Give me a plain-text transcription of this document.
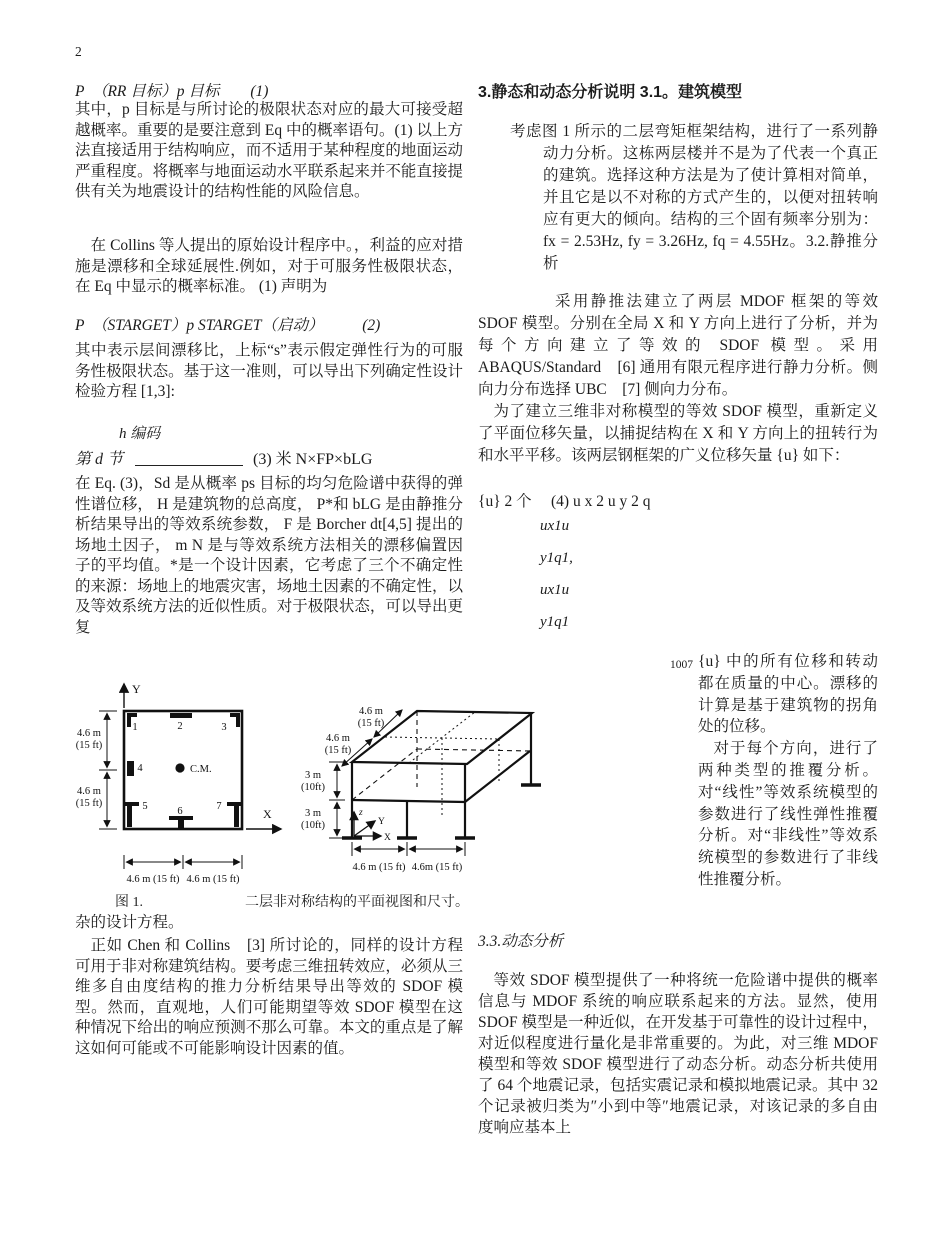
2
P　（RR 目标）p 目标　　(1)
其中，p 目标是与所讨论的极限状态对应的最大可接受超越概率。重要的是要注意到 Eq 中的概率语句。(1) 以上方法直接适用于结构响应，而不适用于某种程度的地面运动严重程度。将概率与地面运动水平联系起来并不能直接提供有关为地震设计的结构性能的风险信息。
在 Collins 等人提出的原始设计程序中。，利益的应对措施是漂移和全球延展性.例如，对于可服务性极限状态，在 Eq 中显示的概率标准。 (1) 声明为
P　（STARGET）p STARGET（启动）　　　(2)
其中表示层间漂移比，上标“s”表示假定弹性行为的可服务性极限状态。基于这一准则，可以导出下列确定性设计检验方程 [1,3]:
h 编码
第 d 节	(3) 米 N×FP×bLG
在 Eq. (3)，Sd 是从概率 ps 目标的均匀危险谱中获得的弹性谱位移， H 是建筑物的总高度， P*和 bLG 是由静推分析结果导出的等效系统参数， F 是 Borcher dt[4,5] 提出的场地土因子， m N 是与等效系统方法相关的漂移偏置因子的平均值。*是一个设计因素，它考虑了三个不确定性的来源：场地上的地震灾害，场地土因素的不确定性，以及等效系统方法的近似性质。对于极限状态，可以导出更复
Y
X
C.M.
1	2	3
4
5	6	7
4.6 m
(15 ft)
4.6 m
(15 ft)
4.6 m (15 ft) 4.6 m (15 ft)
4.6 m
(15 ft)
4.6 m
(15 ft)
3 m
(10ft)
3 m
(10ft)
4.6 m (15 ft) 4.6m (15 ft)
z
Y
X
图 1.	二层非对称结构的平面视图和尺寸。
杂的设计方程。
正如 Chen 和 Collins　[3] 所讨论的，同样的设计方程可用于非对称建筑结构。要考虑三维扭转效应，必须从三维多自由度结构的推力分析结果导出等效的 SDOF 模型。然而，直观地，人们可能期望等效 SDOF 模型在这种情况下给出的响应预测不那么可靠。本文的重点是了解这如何可能或不可能影响设计因素的值。
3.静态和动态分析说明 3.1。建筑模型
考虑图 1 所示的二层弯矩框架结构，进行了一系列静动力分析。这栋两层楼并不是为了代表一个真正的建筑。选择这种方法是为了使计算相对简单，并且它是以不对称的方式产生的，以便对扭转响应有更大的倾向。结构的三个固有频率分别为： fx = 2.53Hz, fy = 3.26Hz, fq = 4.55Hz。3.2.静推分析
采用静推法建立了两层 MDOF 框架的等效 SDOF 模型。分别在全局 X 和 Y 方向上进行了分析，并为每个方向建立了等效的 SDOF 模型。采用 ABAQUS/Standard　[6] 通用有限元程序进行静力分析。侧向力分布选择 UBC　[7] 侧向力分布。
为了建立三维非对称模型的等效 SDOF 模型，重新定义了平面位移矢量，以捕捉结构在 X 和 Y 方向上的扭转行为和水平平移。该两层钢框架的广义位移矢量 {u} 如下：
{u} 2 个　 (4) u x 2 u y 2 q
ux1u
y1q1,
ux1u
y1q1
1007 {u} 中的所有位移和转动都在质量的中心。漂移的计算是基于建筑物的拐角处的位移。
对于每个方向，进行了两种类型的推覆分析。对“线性”等效系统模型的参数进行了线性弹性推覆分析。对“非线性”等效系统模型的参数进行了非线性推覆分析。
3.3.动态分析
等效 SDOF 模型提供了一种将统一危险谱中提供的概率信息与 MDOF 系统的响应联系起来的方法。显然，使用 SDOF 模型是一种近似，在开发基于可靠性的设计过程中，对近似程度进行量化是非常重要的。为此，对三维 MDOF 模型和等效 SDOF 模型进行了动态分析。动态分析共使用了 64 个地震记录，包括实震记录和模拟地震记录。其中 32 个记录被归类为″小到中等″地震记录，对该记录的多自由度响应基本上
